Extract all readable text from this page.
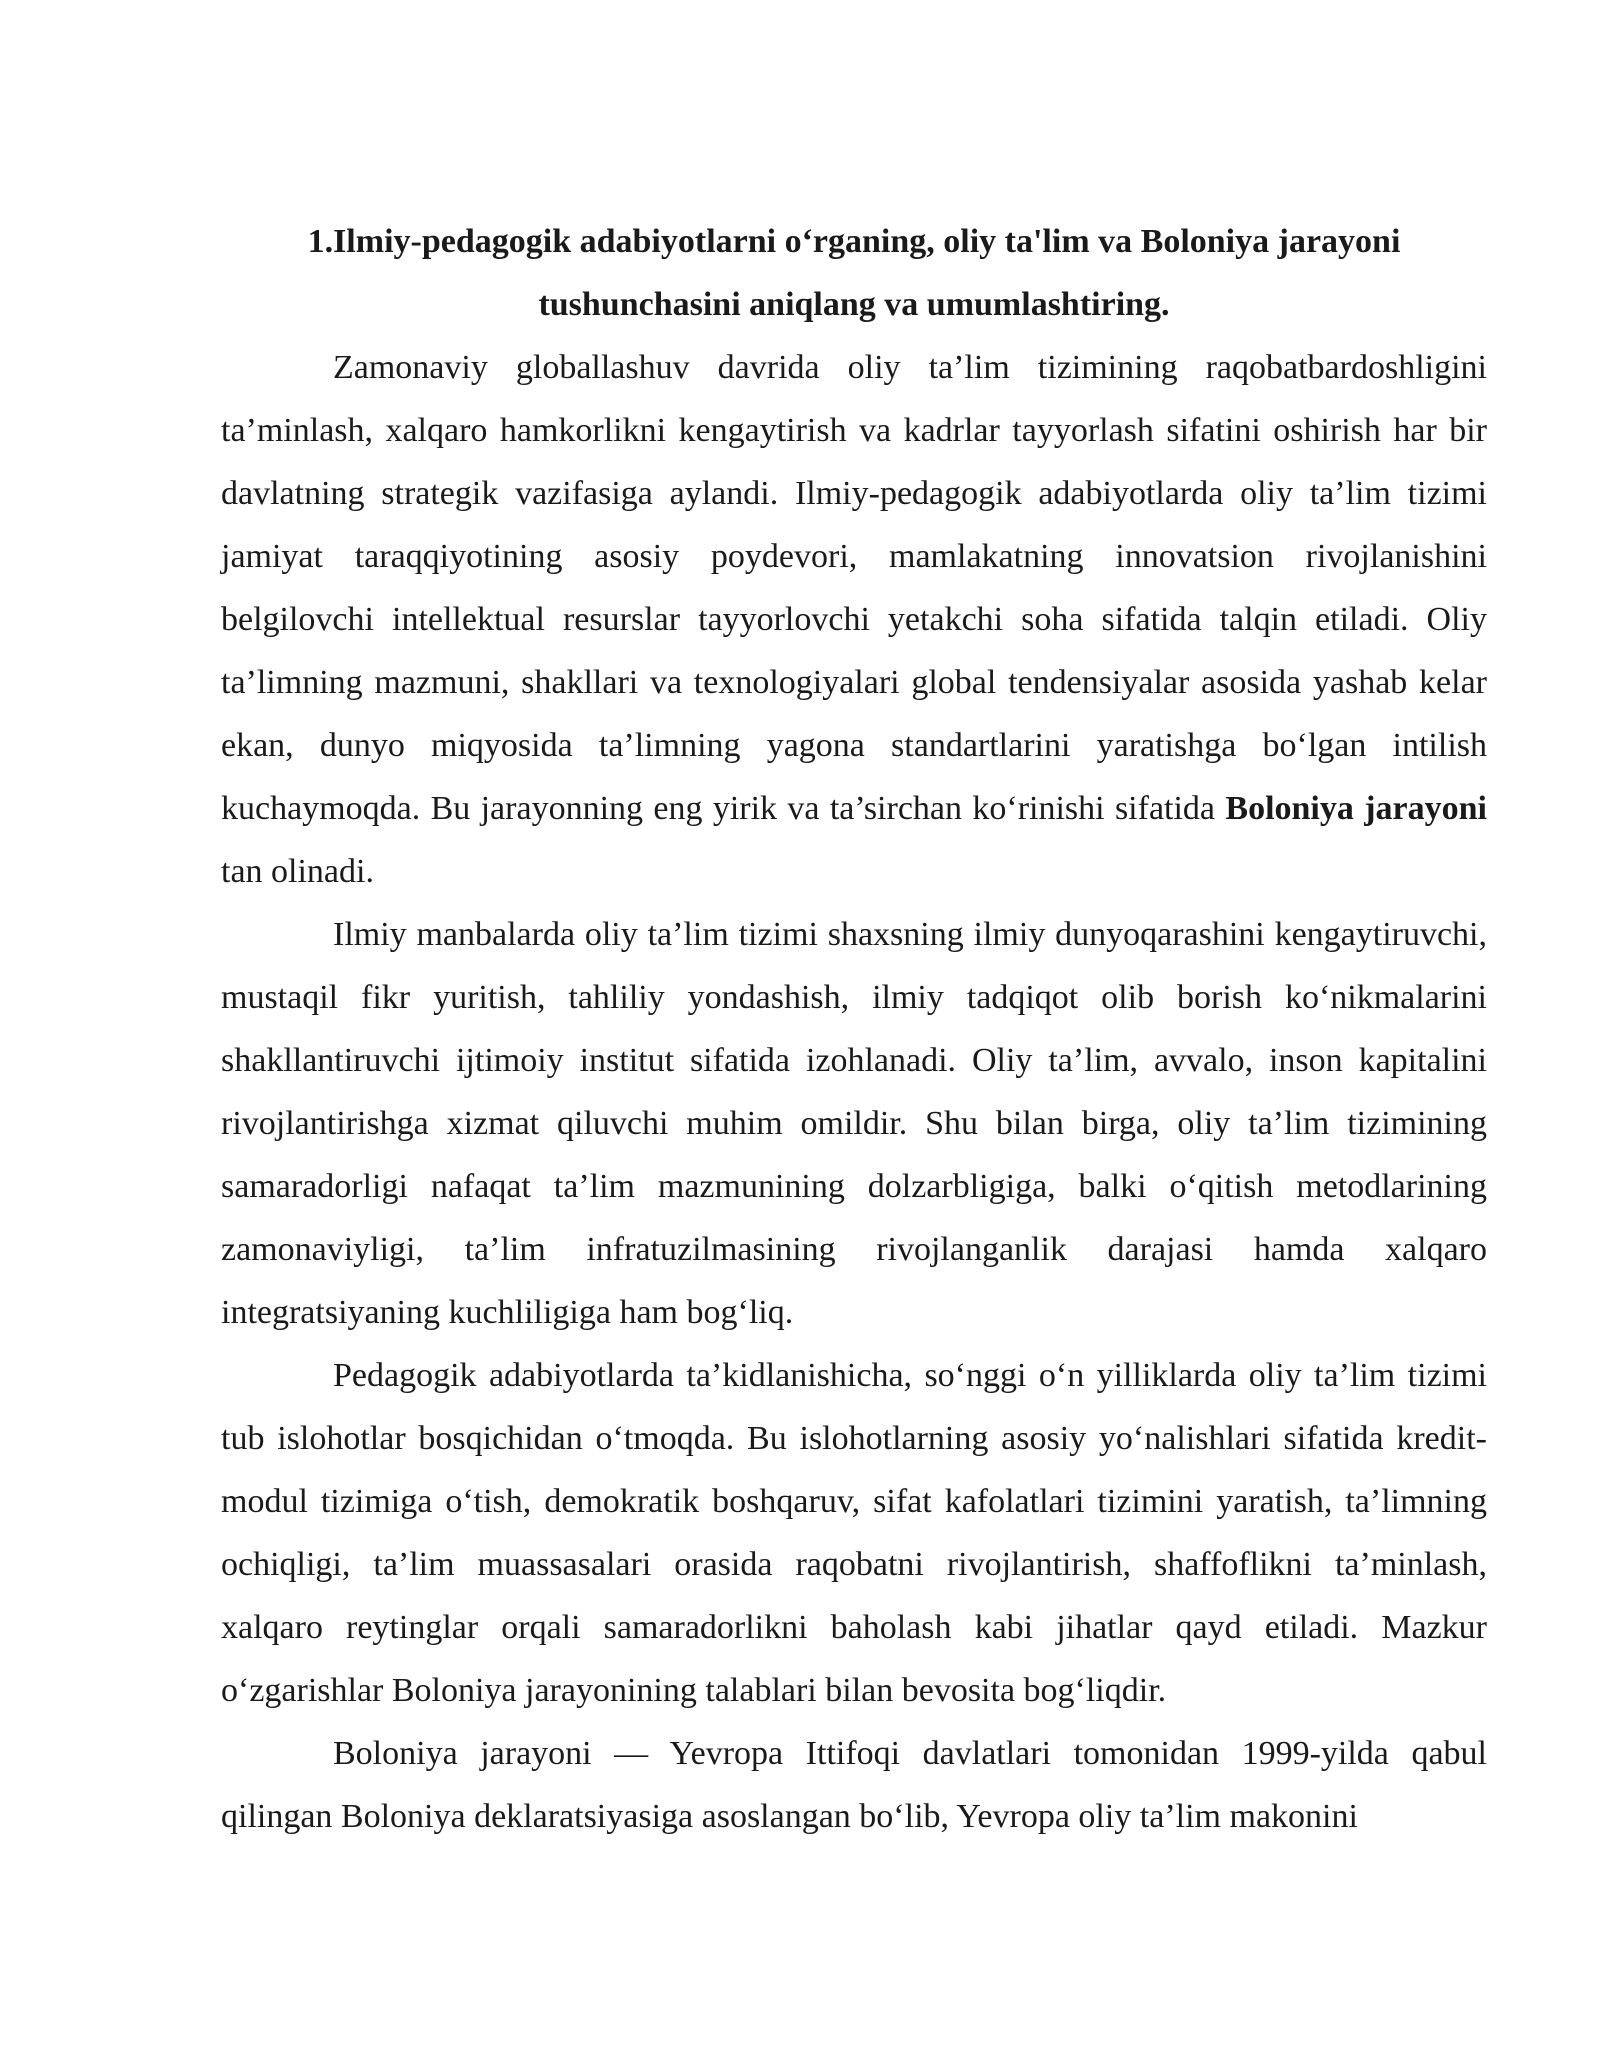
1.Ilmiy-pedagogik adabiyotlarni o‘rganing, oliy ta'lim va Boloniya jarayoni tushunchasini aniqlang va umumlashtiring.

Zamonaviy globallashuv davrida oliy ta’lim tizimining raqobatbardoshligini ta’minlash, xalqaro hamkorlikni kengaytirish va kadrlar tayyorlash sifatini oshirish har bir davlatning strategik vazifasiga aylandi. Ilmiy-pedagogik adabiyotlarda oliy ta’lim tizimi jamiyat taraqqiyotining asosiy poydevori, mamlakatning innovatsion rivojlanishini belgilovchi intellektual resurslar tayyorlovchi yetakchi soha sifatida talqin etiladi. Oliy ta’limning mazmuni, shakllari va texnologiyalari global tendensiyalar asosida yashab kelar ekan, dunyo miqyosida ta’limning yagona standartlarini yaratishga bo‘lgan intilish kuchaymoqda. Bu jarayonning eng yirik va ta’sirchan ko‘rinishi sifatida Boloniya jarayoni tan olinadi.

Ilmiy manbalarda oliy ta’lim tizimi shaxsning ilmiy dunyoqarashini kengaytiruvchi, mustaqil fikr yuritish, tahliliy yondashish, ilmiy tadqiqot olib borish ko‘nikmalarini shakllantiruvchi ijtimoiy institut sifatida izohlanadi. Oliy ta’lim, avvalo, inson kapitalini rivojlantirishga xizmat qiluvchi muhim omildir. Shu bilan birga, oliy ta’lim tizimining samaradorligi nafaqat ta’lim mazmunining dolzarbligiga, balki o‘qitish metodlarining zamonaviyligi, ta’lim infratuzilmasining rivojlanganlik darajasi hamda xalqaro integratsiyaning kuchliligiga ham bog‘liq.

Pedagogik adabiyotlarda ta’kidlanishicha, so‘nggi o‘n yilliklarda oliy ta’lim tizimi tub islohotlar bosqichidan o‘tmoqda. Bu islohotlarning asosiy yo‘nalishlari sifatida kredit-modul tizimiga o‘tish, demokratik boshqaruv, sifat kafolatlari tizimini yaratish, ta’limning ochiqligi, ta’lim muassasalari orasida raqobatni rivojlantirish, shaffoflikni ta’minlash, xalqaro reytinglar orqali samaradorlikni baholash kabi jihatlar qayd etiladi. Mazkur o‘zgarishlar Boloniya jarayonining talablari bilan bevosita bog‘liqdir.

Boloniya jarayoni — Yevropa Ittifoqi davlatlari tomonidan 1999-yilda qabul qilingan Boloniya deklaratsiyasiga asoslangan bo‘lib, Yevropa oliy ta’lim makonini
